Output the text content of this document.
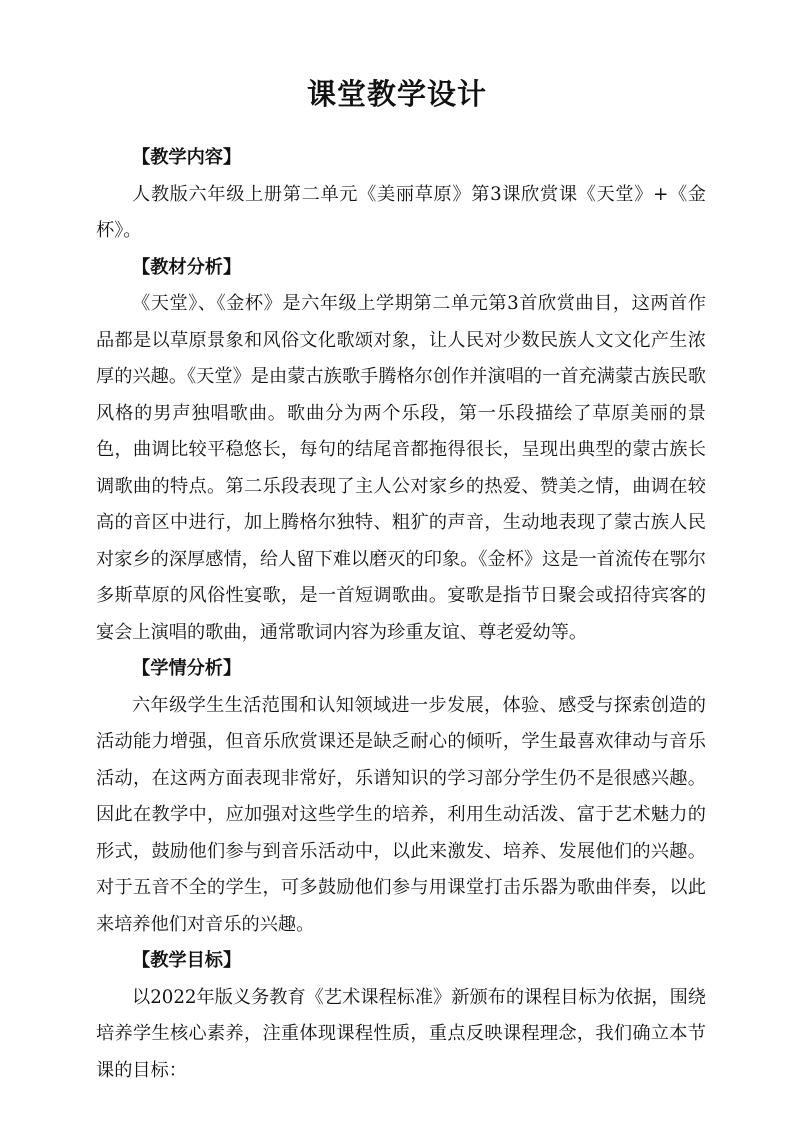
课堂教学设计

【教学内容】

人教版六年级上册第二单元《美丽草原》第3课欣赏课《天堂》+《金杯》。

【教材分析】

《天堂》、《金杯》是六年级上学期第二单元第3首欣赏曲目，这两首作品都是以草原景象和风俗文化歌颂对象，让人民对少数民族人文文化产生浓厚的兴趣。《天堂》是由蒙古族歌手腾格尔创作并演唱的一首充满蒙古族民歌风格的男声独唱歌曲。歌曲分为两个乐段，第一乐段描绘了草原美丽的景色，曲调比较平稳悠长，每句的结尾音都拖得很长，呈现出典型的蒙古族长调歌曲的特点。第二乐段表现了主人公对家乡的热爱、赞美之情，曲调在较高的音区中进行，加上腾格尔独特、粗犷的声音，生动地表现了蒙古族人民对家乡的深厚感情，给人留下难以磨灭的印象。《金杯》这是一首流传在鄂尔多斯草原的风俗性宴歌，是一首短调歌曲。宴歌是指节日聚会或招待宾客的宴会上演唱的歌曲，通常歌词内容为珍重友谊、尊老爱幼等。

【学情分析】

六年级学生生活范围和认知领域进一步发展，体验、感受与探索创造的活动能力增强，但音乐欣赏课还是缺乏耐心的倾听，学生最喜欢律动与音乐活动，在这两方面表现非常好，乐谱知识的学习部分学生仍不是很感兴趣。因此在教学中，应加强对这些学生的培养，利用生动活泼、富于艺术魅力的形式，鼓励他们参与到音乐活动中，以此来激发、培养、发展他们的兴趣。对于五音不全的学生，可多鼓励他们参与用课堂打击乐器为歌曲伴奏，以此来培养他们对音乐的兴趣。

【教学目标】

以2022年版义务教育《艺术课程标准》新颁布的课程目标为依据，围绕培养学生核心素养，注重体现课程性质，重点反映课程理念，我们确立本节课的目标：
